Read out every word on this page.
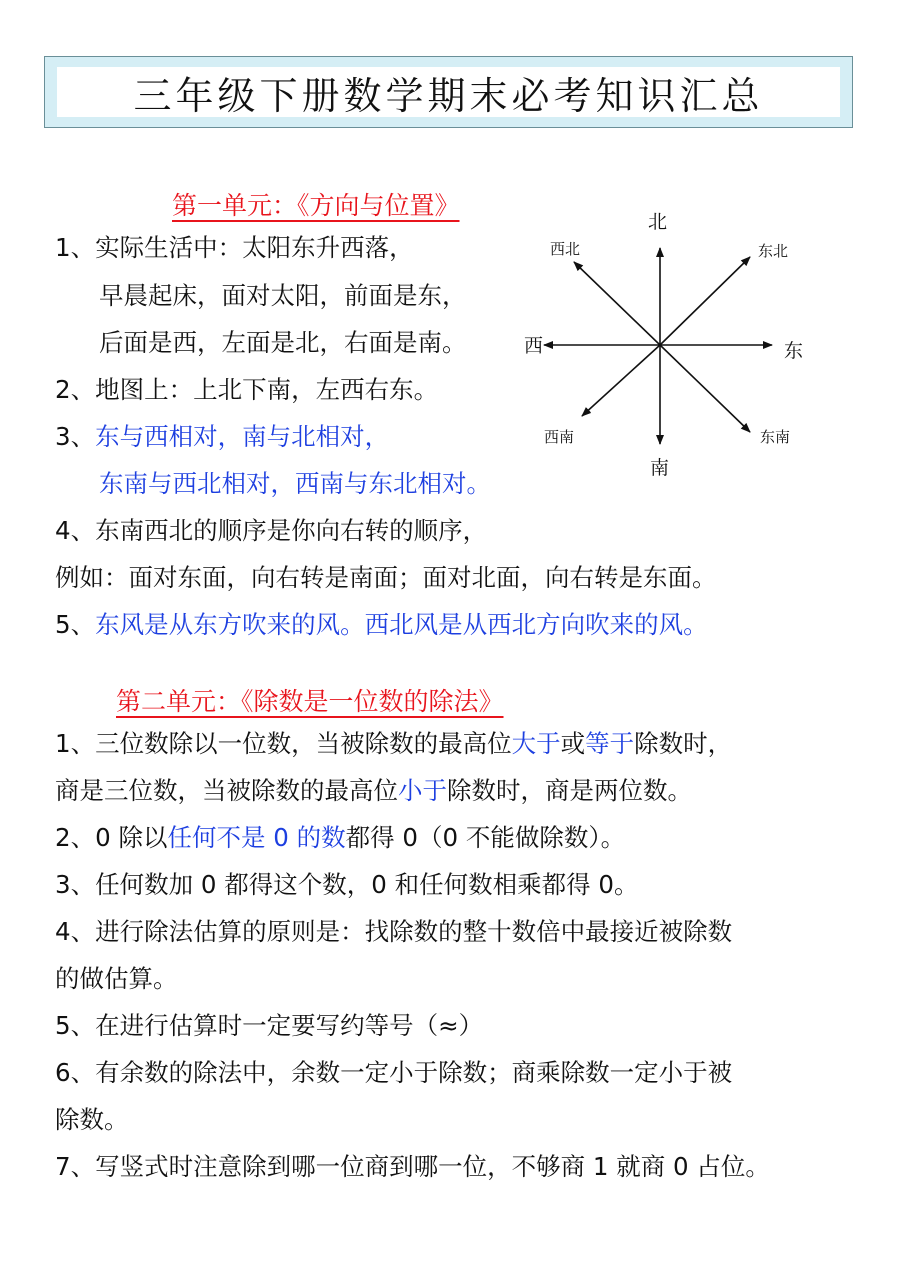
三年级下册数学期末必考知识汇总
第一单元：《方向与位置》
1、实际生活中：太阳东升西落，
早晨起床，面对太阳，前面是东，
后面是西，左面是北，右面是南。
2、地图上：上北下南，左西右东。
3、东与西相对，南与北相对，
东南与西北相对，西南与东北相对。
4、东南西北的顺序是你向右转的顺序，
例如：面对东面，向右转是南面；面对北面，向右转是东面。
5、东风是从东方吹来的风。西北风是从西北方向吹来的风。
北
南
东
西
东北
西北
东南
西南
第二单元：《除数是一位数的除法》
1、三位数除以一位数，当被除数的最高位大于或等于除数时，
商是三位数，当被除数的最高位小于除数时，商是两位数。
2、0 除以任何不是 0 的数都得 0（0 不能做除数）。
3、任何数加 0 都得这个数，0 和任何数相乘都得 0。
4、进行除法估算的原则是：找除数的整十数倍中最接近被除数
的做估算。
5、在进行估算时一定要写约等号（≈）
6、有余数的除法中，余数一定小于除数；商乘除数一定小于被
除数。
7、写竖式时注意除到哪一位商到哪一位，不够商 1 就商 0 占位。
